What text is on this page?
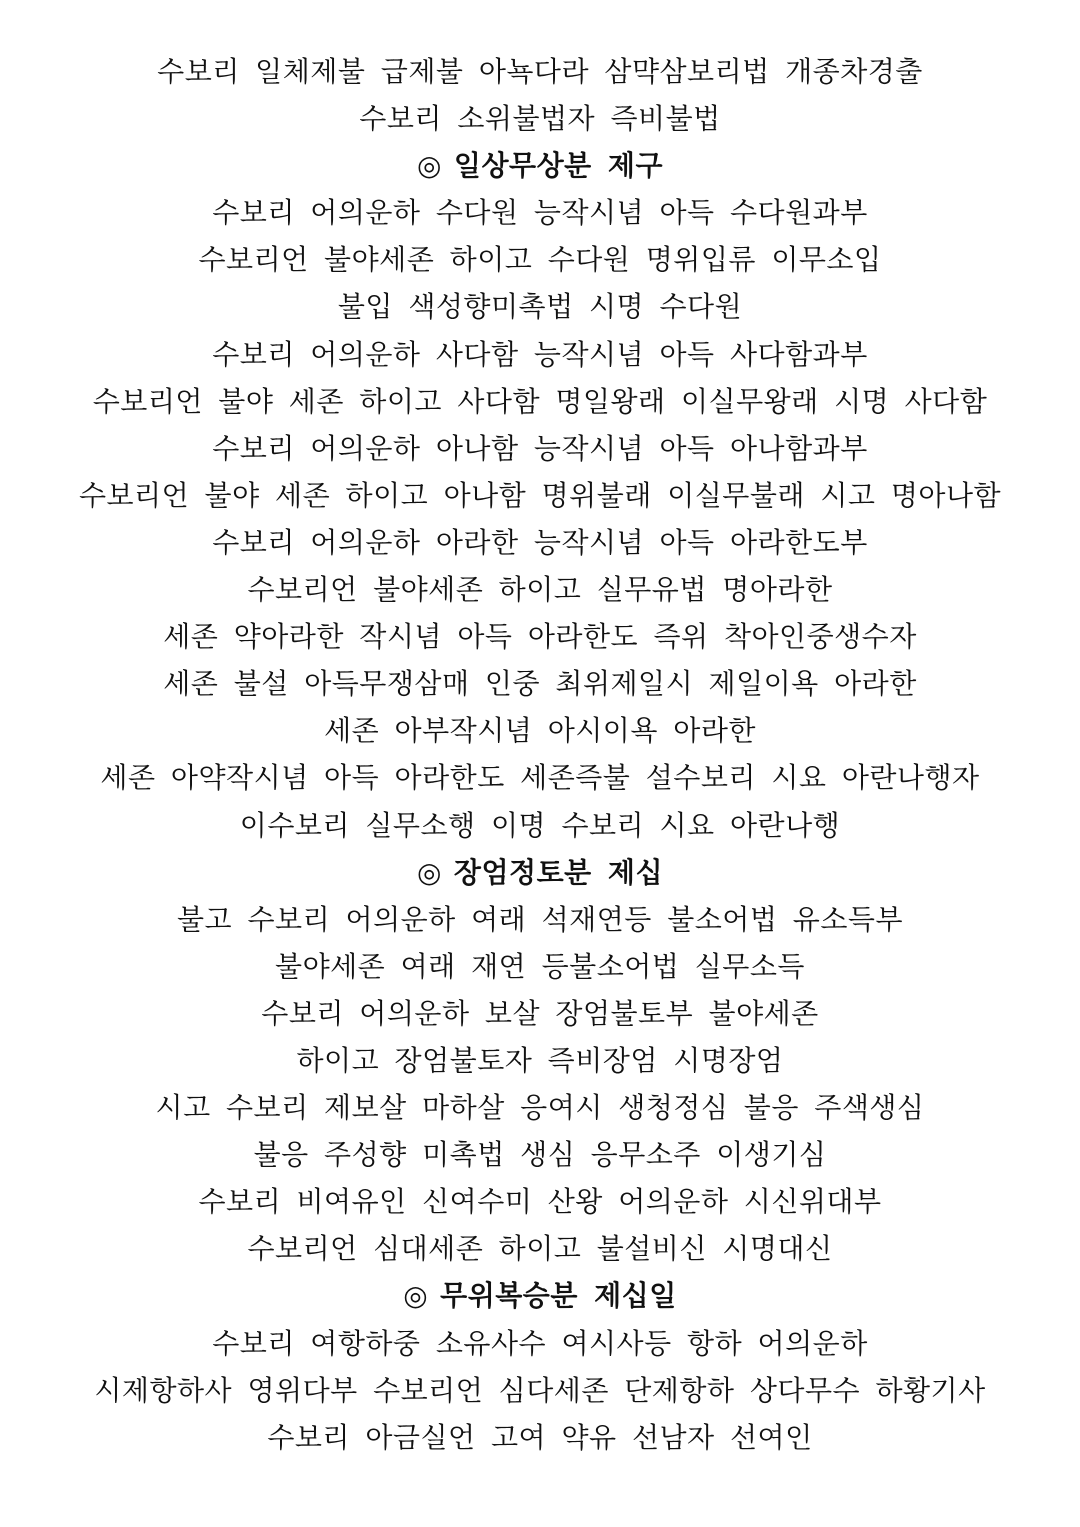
수보리 일체제불 급제불 아뇩다라 삼먁삼보리법 개종차경출
수보리 소위불법자 즉비불법
◎ 일상무상분 제구
수보리 어의운하 수다원 능작시념 아득 수다원과부
수보리언 불야세존 하이고 수다원 명위입류 이무소입
불입 색성향미촉법 시명 수다원
수보리 어의운하 사다함 능작시념 아득 사다함과부
수보리언 불야 세존 하이고 사다함 명일왕래 이실무왕래 시명 사다함
수보리 어의운하 아나함 능작시념 아득 아나함과부
수보리언 불야 세존 하이고 아나함 명위불래 이실무불래 시고 명아나함
수보리 어의운하 아라한 능작시념 아득 아라한도부
수보리언 불야세존 하이고 실무유법 명아라한
세존 약아라한 작시념 아득 아라한도 즉위 착아인중생수자
세존 불설 아득무쟁삼매 인중 최위제일시 제일이욕 아라한
세존 아부작시념 아시이욕 아라한
세존 아약작시념 아득 아라한도 세존즉불 설수보리 시요 아란나행자
이수보리 실무소행 이명 수보리 시요 아란나행
◎ 장엄정토분 제십
불고 수보리 어의운하 여래 석재연등 불소어법 유소득부
불야세존 여래 재연 등불소어법 실무소득
수보리 어의운하 보살 장엄불토부 불야세존
하이고 장엄불토자 즉비장엄 시명장엄
시고 수보리 제보살 마하살 응여시 생청정심 불응 주색생심
불응 주성향 미촉법 생심 응무소주 이생기심
수보리 비여유인 신여수미 산왕 어의운하 시신위대부
수보리언 심대세존 하이고 불설비신 시명대신
◎ 무위복승분 제십일
수보리 여항하중 소유사수 여시사등 항하 어의운하
시제항하사 영위다부 수보리언 심다세존 단제항하 상다무수 하황기사
수보리 아금실언 고여 약유 선남자 선여인
